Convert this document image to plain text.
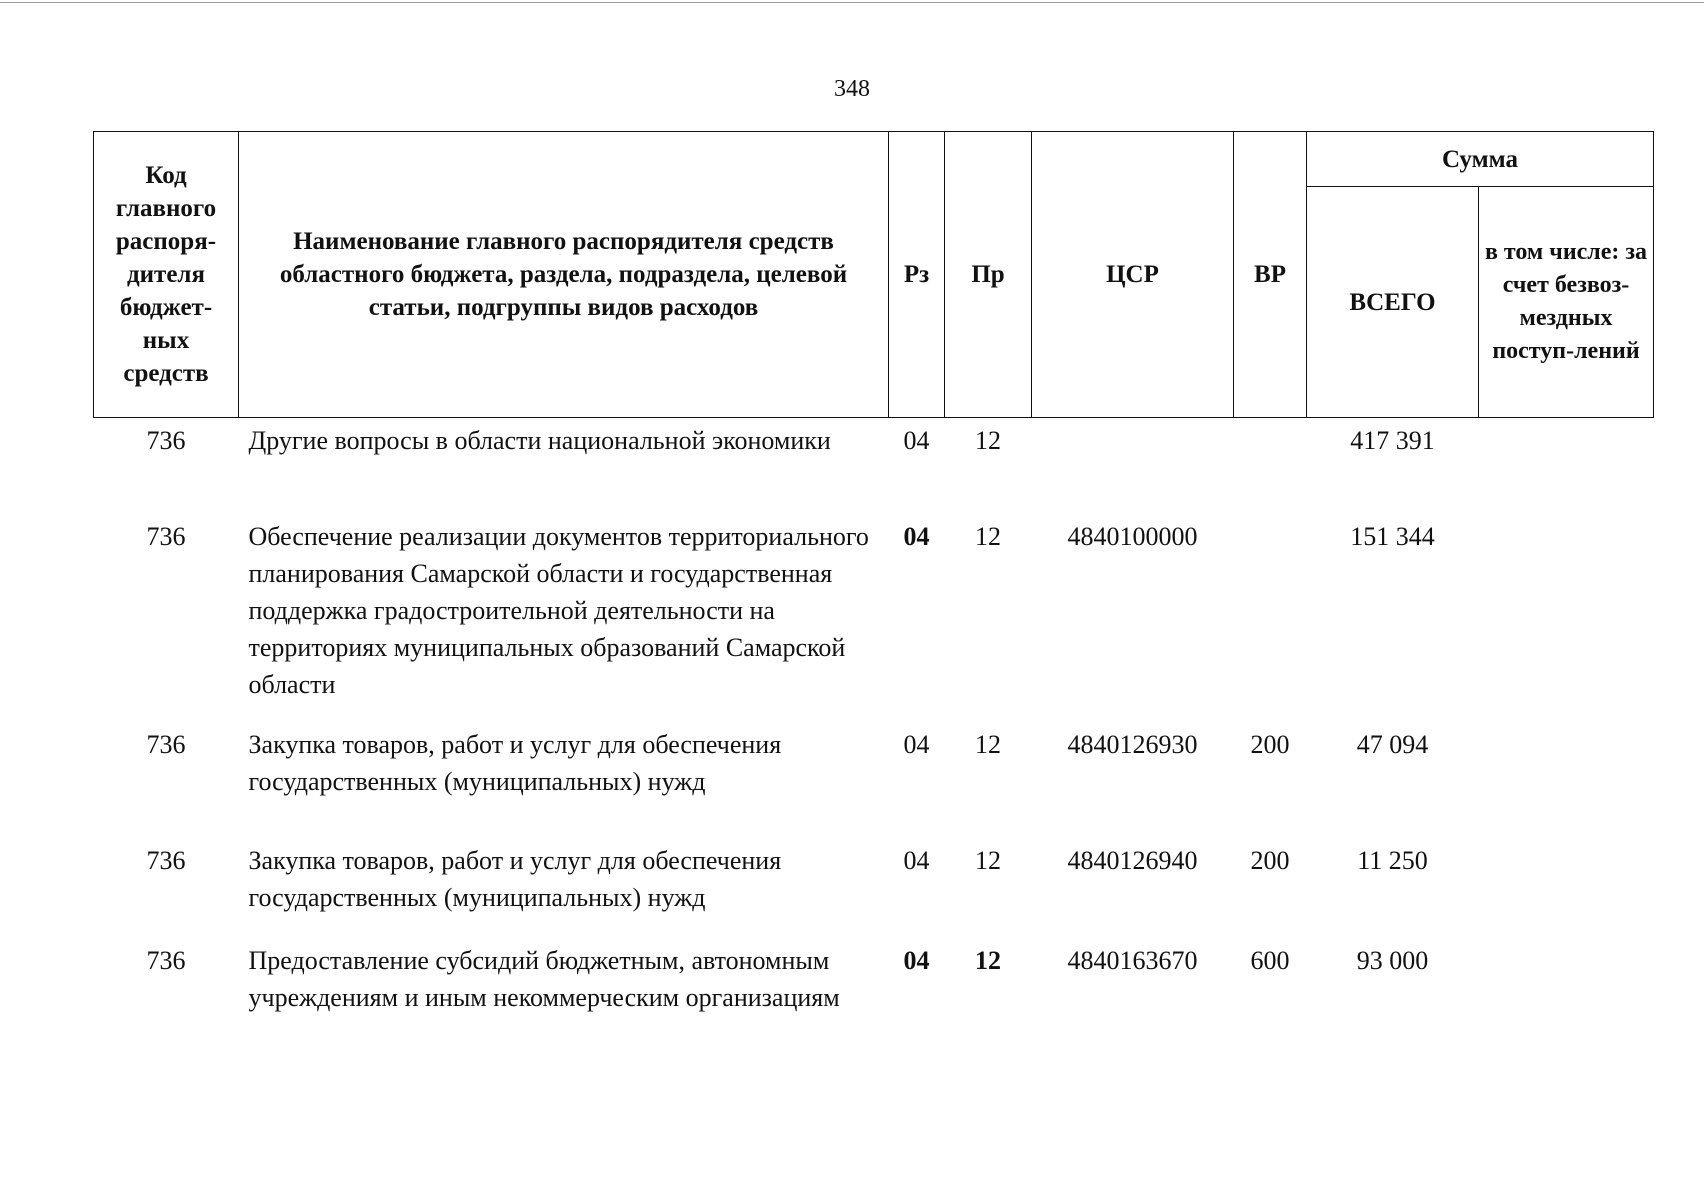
348
Код главного распоря-дителя бюджет-ных средств	Наименование главного распорядителя средств областного бюджета, раздела, подраздела, целевой статьи, подгруппы видов расходов	Рз	Пр	ЦСР	ВР	Сумма	
						ВСЕГО	в том числе: за счет безвоз-мездных поступ-лений
736	Другие вопросы в области национальной экономики	04	12			417 391	
736	Обеспечение реализации документов территориального планирования Самарской области и государственная поддержка градостроительной деятельности на территориях муниципальных образований Самарской области	04	12	4840100000		151 344	
736	Закупка товаров, работ и услуг для обеспечения государственных (муниципальных) нужд	04	12	4840126930	200	47 094	
736	Закупка товаров, работ и услуг для обеспечения государственных (муниципальных) нужд	04	12	4840126940	200	11 250	
736	Предоставление субсидий бюджетным, автономным учреждениям и иным некоммерческим организациям	04	12	4840163670	600	93 000	
